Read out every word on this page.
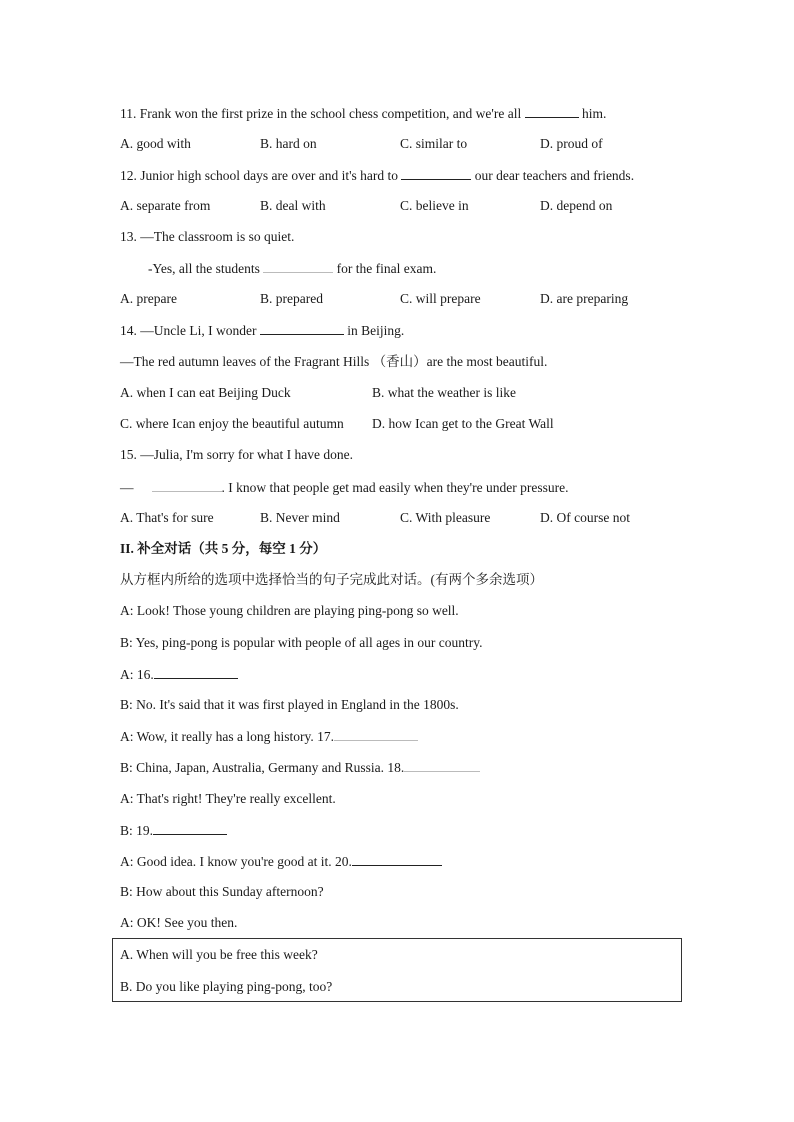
11. Frank won the first prize in the school chess competition, and we're all	him.
A. good with	B. hard on	C. similar to	D. proud of
12. Junior high school days are over and it's hard to	our dear teachers and friends.
A. separate from	B. deal with	C. believe in	D. depend on
13. —The classroom is so quiet.
-Yes, all the students	for the final exam.
A. prepare	B. prepared	C. will prepare	D. are preparing
14. —Uncle Li, I wonder	in Beijing.
—The red autumn leaves of the Fragrant Hills （香山）are the most beautiful.
A. when I can eat Beijing Duck	B. what the weather is like
C. where Ican enjoy the beautiful autumn D. how Ican get to the Great Wall
15. —Julia, I'm sorry for what I have done.
—	. I know that people get mad easily when they're under pressure.
A. That's for sure	B. Never mind	C. With pleasure	D. Of course not
II. 补全对话（共 5 分，每空 1 分）
从方框内所给的选项中选择恰当的句子完成此对话。(有两个多余选项）
A: Look! Those young children are playing ping-pong so well.
B: Yes, ping-pong is popular with people of all ages in our country.
A: 16.
B: No. It's said that it was first played in England in the 1800s.
A: Wow, it really has a long history. 17.
B: China, Japan, Australia, Germany and Russia. 18.
A: That's right! They're really excellent.
B: 19.
A: Good idea. I know you're good at it. 20.
B: How about this Sunday afternoon?
A: OK! See you then.
A. When will you be free this week?
B. Do you like playing ping-pong, too?
